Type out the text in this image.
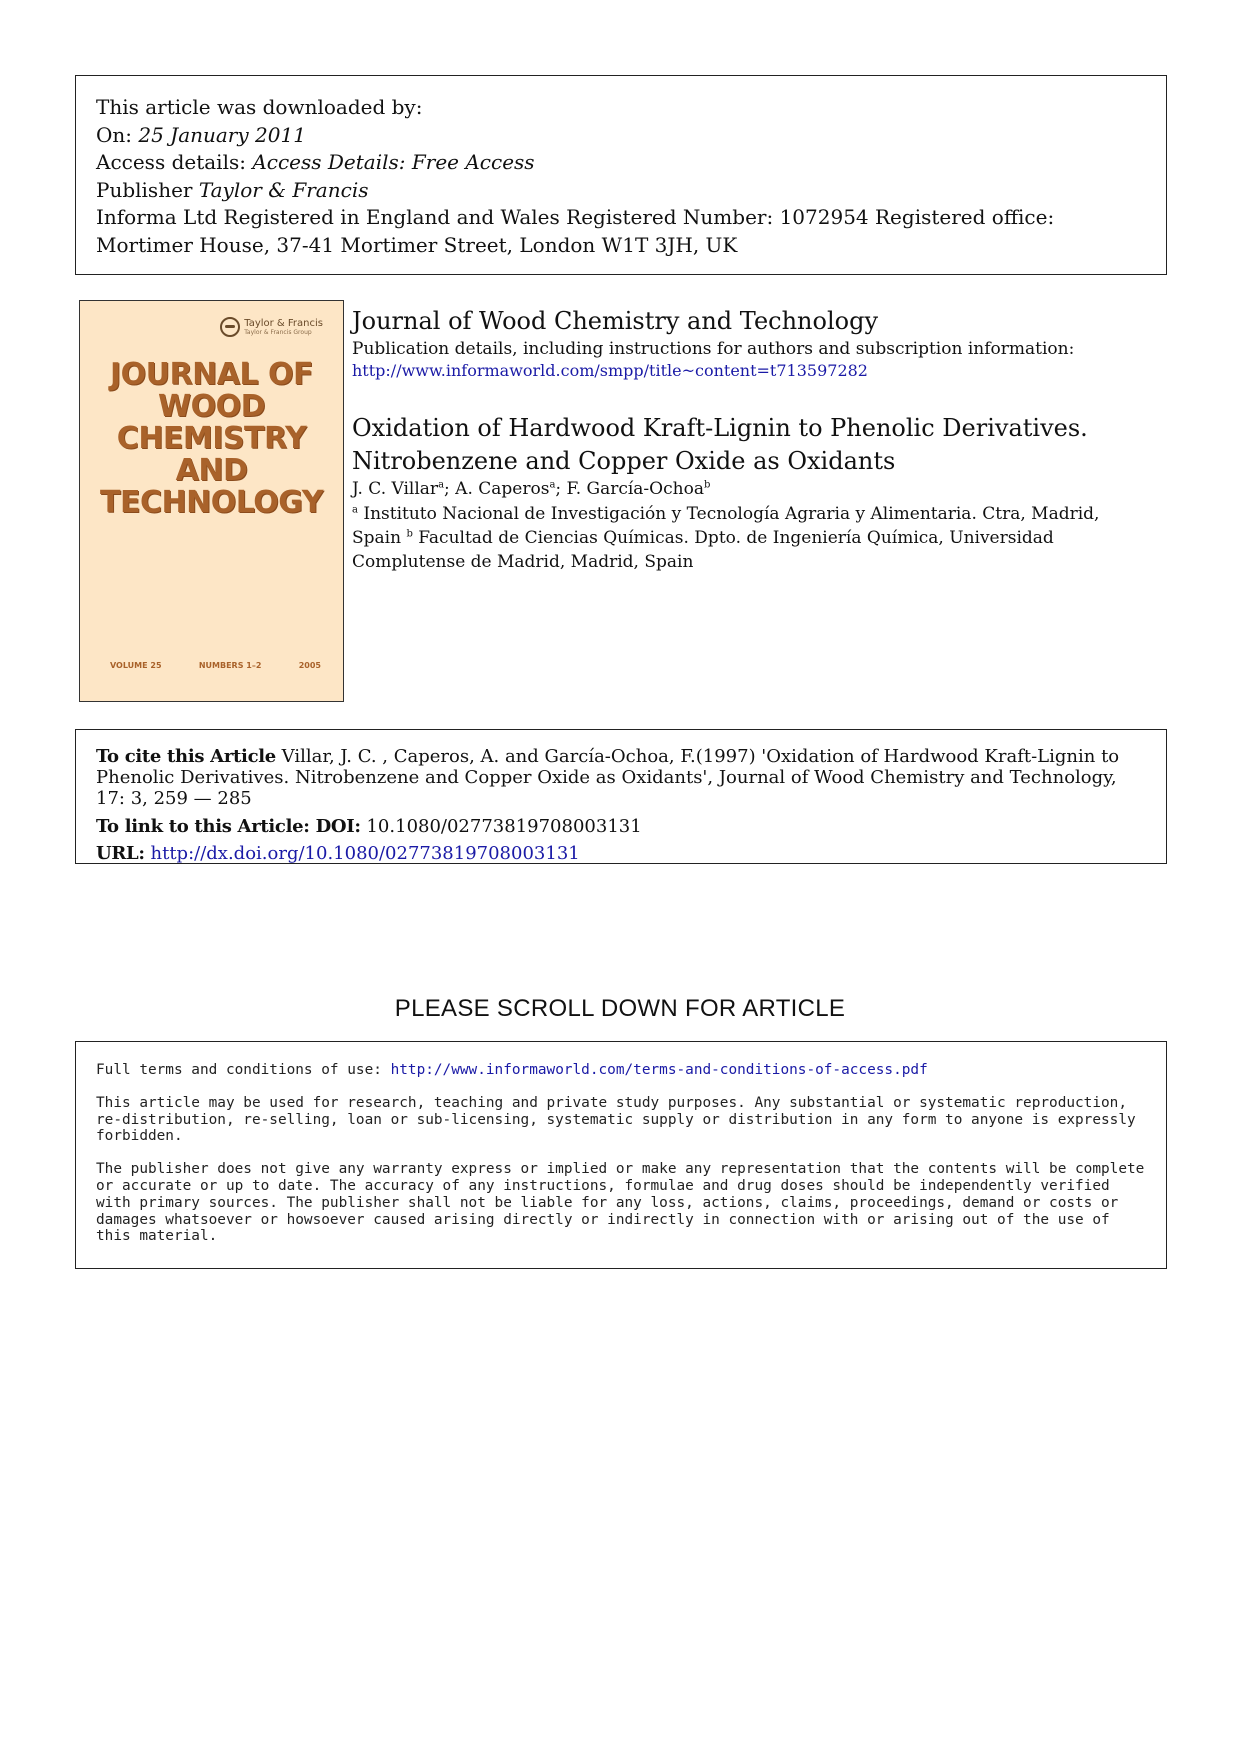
This article was downloaded by:
On: 25 January 2011
Access details: Access Details: Free Access
Publisher Taylor & Francis
Informa Ltd Registered in England and Wales Registered Number: 1072954 Registered office: Mortimer House, 37-41 Mortimer Street, London W1T 3JH, UK
Taylor & Francis
Taylor & Francis Group
JOURNAL OF
WOOD
CHEMISTRY
AND
TECHNOLOGY
VOLUME 25	NUMBERS 1–2	2005
Journal of Wood Chemistry and Technology
Publication details, including instructions for authors and subscription information:
http://www.informaworld.com/smpp/title~content=t713597282
Oxidation of Hardwood Kraft-Lignin to Phenolic Derivatives.
Nitrobenzene and Copper Oxide as Oxidants
J. C. Villar$^a$; A. Caperos$^a$; F. García-Ochoa$^b$
$^a$ Instituto Nacional de Investigación y Tecnología Agraria y Alimentaria. Ctra, Madrid, Spain $^b$ Facultad de Ciencias Químicas. Dpto. de Ingeniería Química, Universidad Complutense de Madrid, Madrid, Spain
To cite this Article Villar, J. C. , Caperos, A. and García-Ochoa, F.(1997) 'Oxidation of Hardwood Kraft-Lignin to Phenolic Derivatives. Nitrobenzene and Copper Oxide as Oxidants', Journal of Wood Chemistry and Technology, 17: 3, 259 — 285
To link to this Article: DOI: 10.1080/02773819708003131
URL: http://dx.doi.org/10.1080/02773819708003131
PLEASE SCROLL DOWN FOR ARTICLE

Full terms and conditions of use: http://www.informaworld.com/terms-and-conditions-of-access.pdf

This article may be used for research, teaching and private study purposes. Any substantial or systematic reproduction, re-distribution, re-selling, loan or sub-licensing, systematic supply or distribution in any form to anyone is expressly forbidden.

The publisher does not give any warranty express or implied or make any representation that the contents will be complete or accurate or up to date. The accuracy of any instructions, formulae and drug doses should be independently verified with primary sources. The publisher shall not be liable for any loss, actions, claims, proceedings, demand or costs or damages whatsoever or howsoever caused arising directly or indirectly in connection with or arising out of the use of this material.
